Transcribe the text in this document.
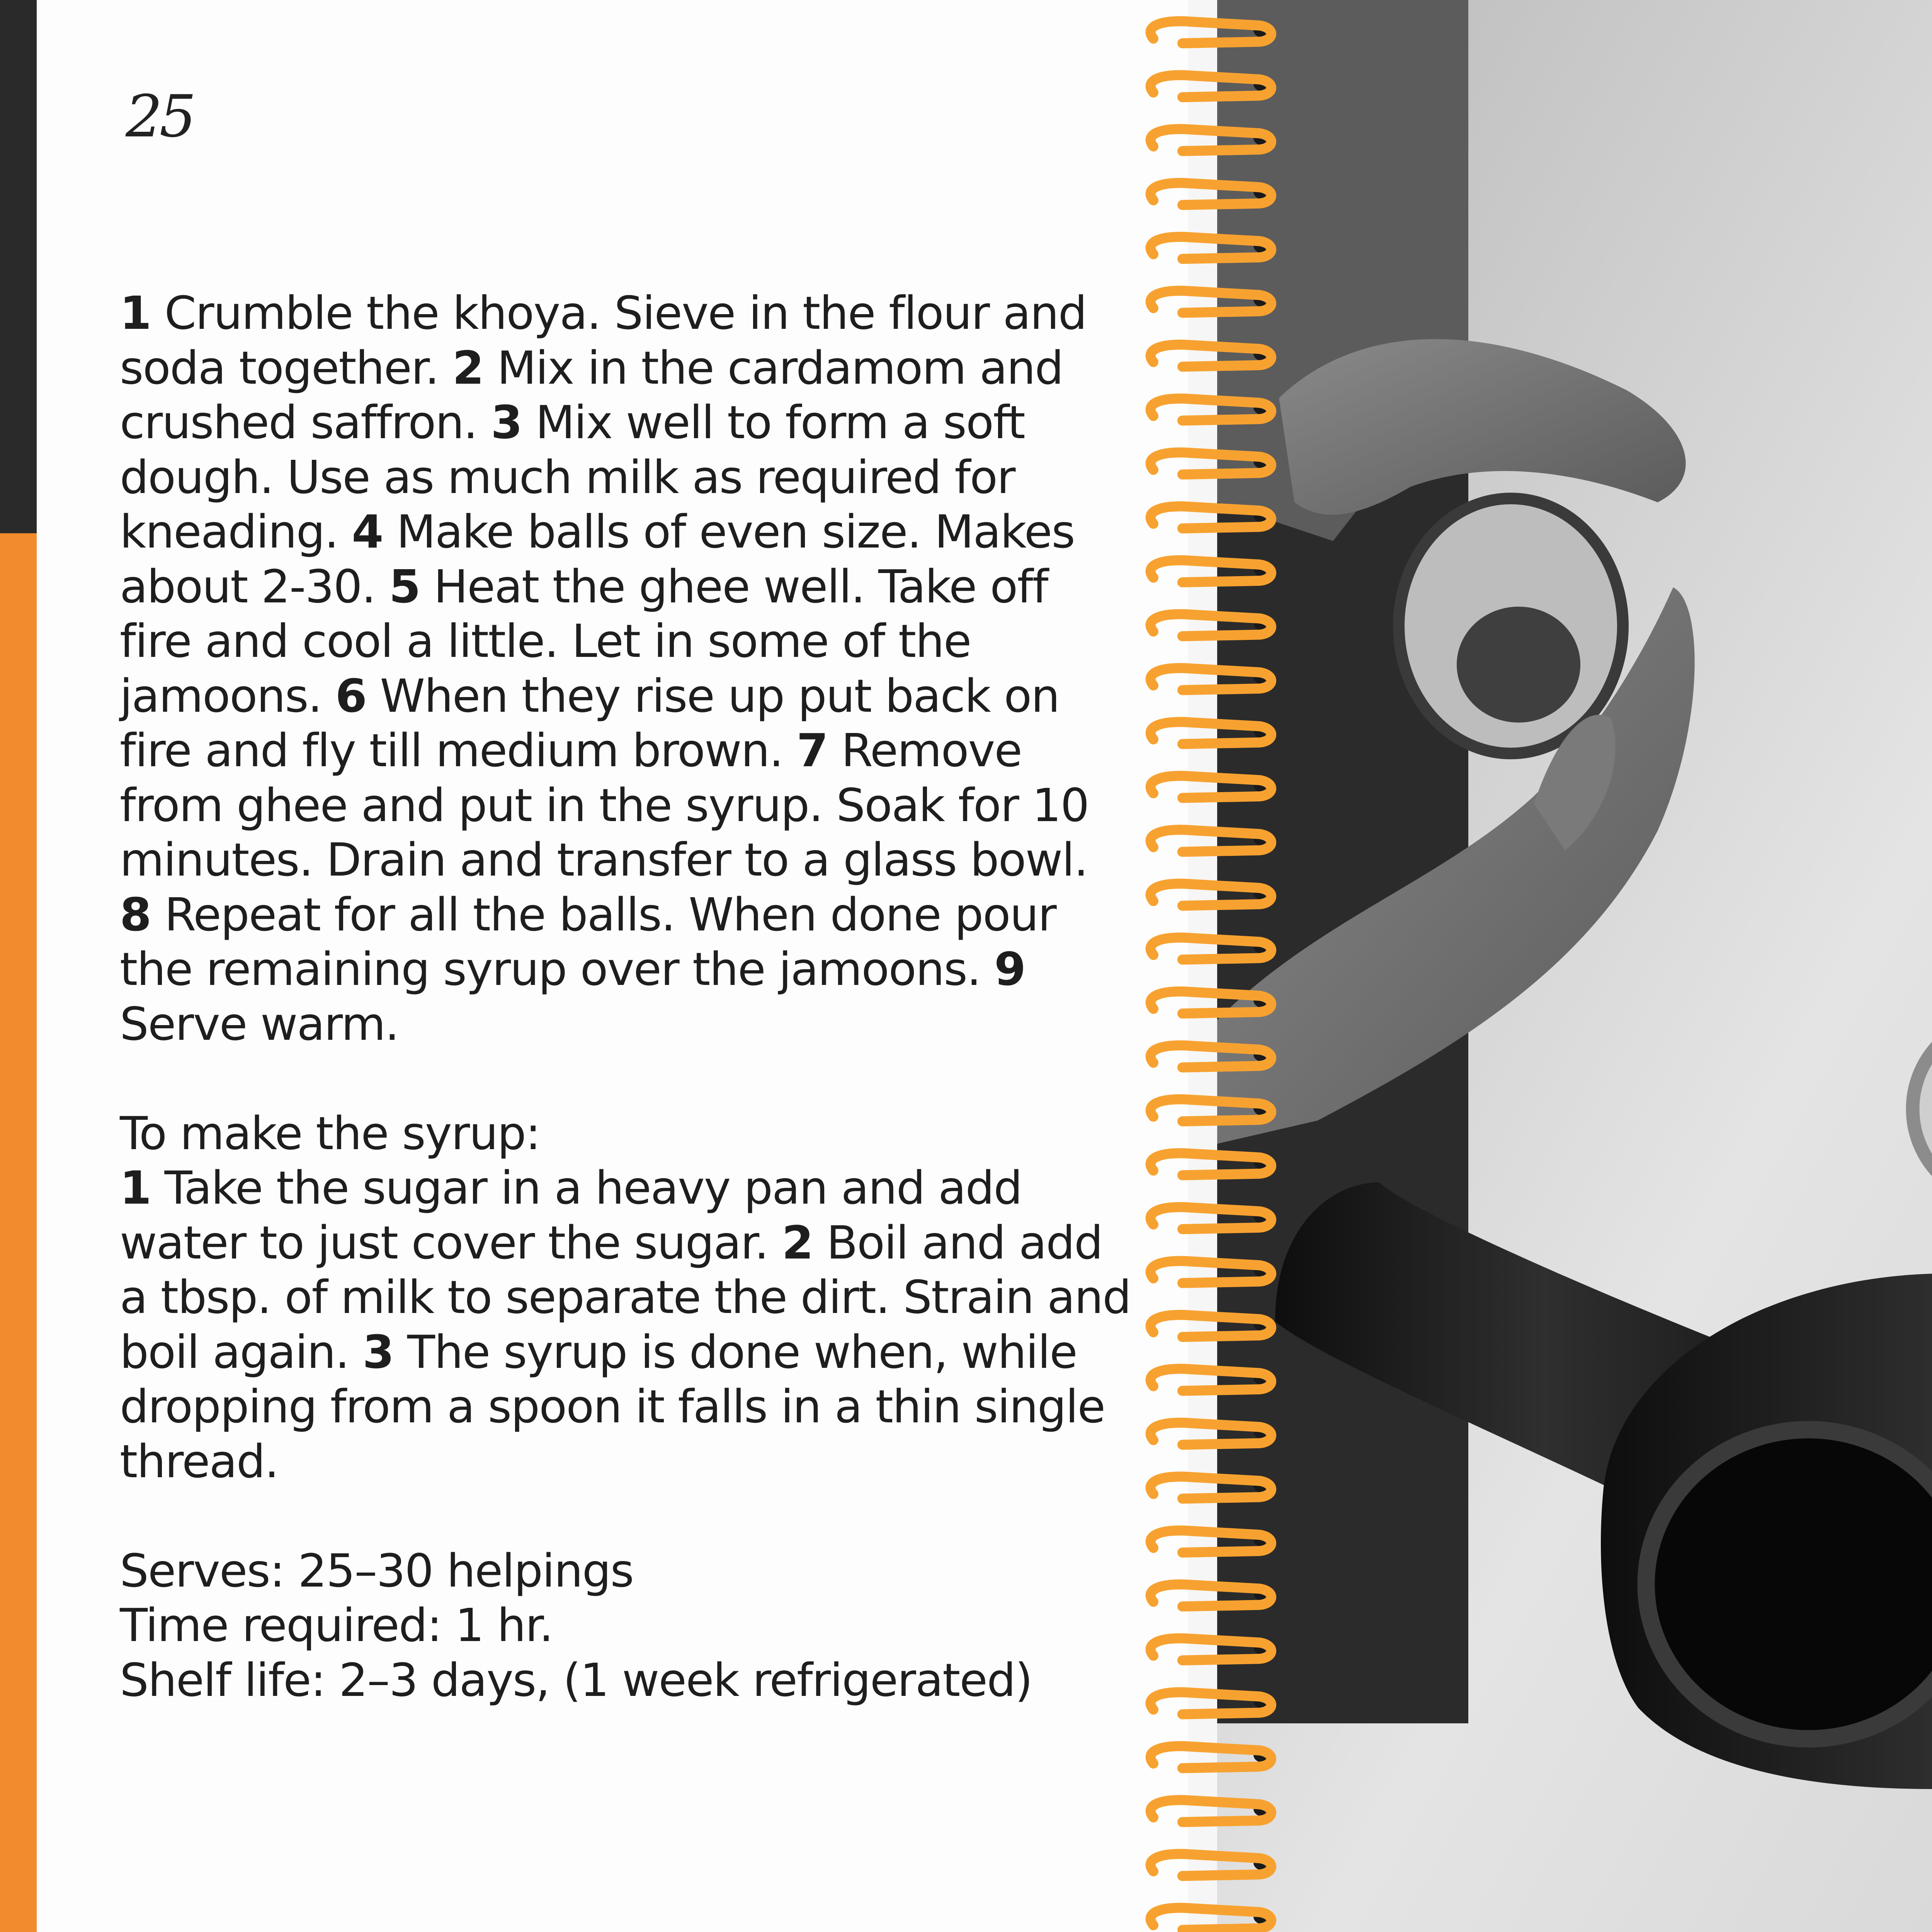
25

1 Crumble the khoya. Sieve in the flour and soda together. 2 Mix in the cardamom and crushed saffron. 3 Mix well to form a soft dough. Use as much milk as required for kneading. 4 Make balls of even size. Makes about 2-30. 5 Heat the ghee well. Take off fire and cool a little. Let in some of the jamoons. 6 When they rise up put back on fire and fly till medium brown. 7 Remove from ghee and put in the syrup. Soak for 10 minutes. Drain and transfer to a glass bowl. 8 Repeat for all the balls. When done pour the remaining syrup over the jamoons. 9 Serve warm.

To make the syrup:
1 Take the sugar in a heavy pan and add water to just cover the sugar. 2 Boil and add a tbsp. of milk to separate the dirt. Strain and boil again. 3 The syrup is done when, while dropping from a spoon it falls in a thin single thread.

Serves: 25–30 helpings
Time required: 1 hr.
Shelf life: 2–3 days, (1 week refrigerated)
